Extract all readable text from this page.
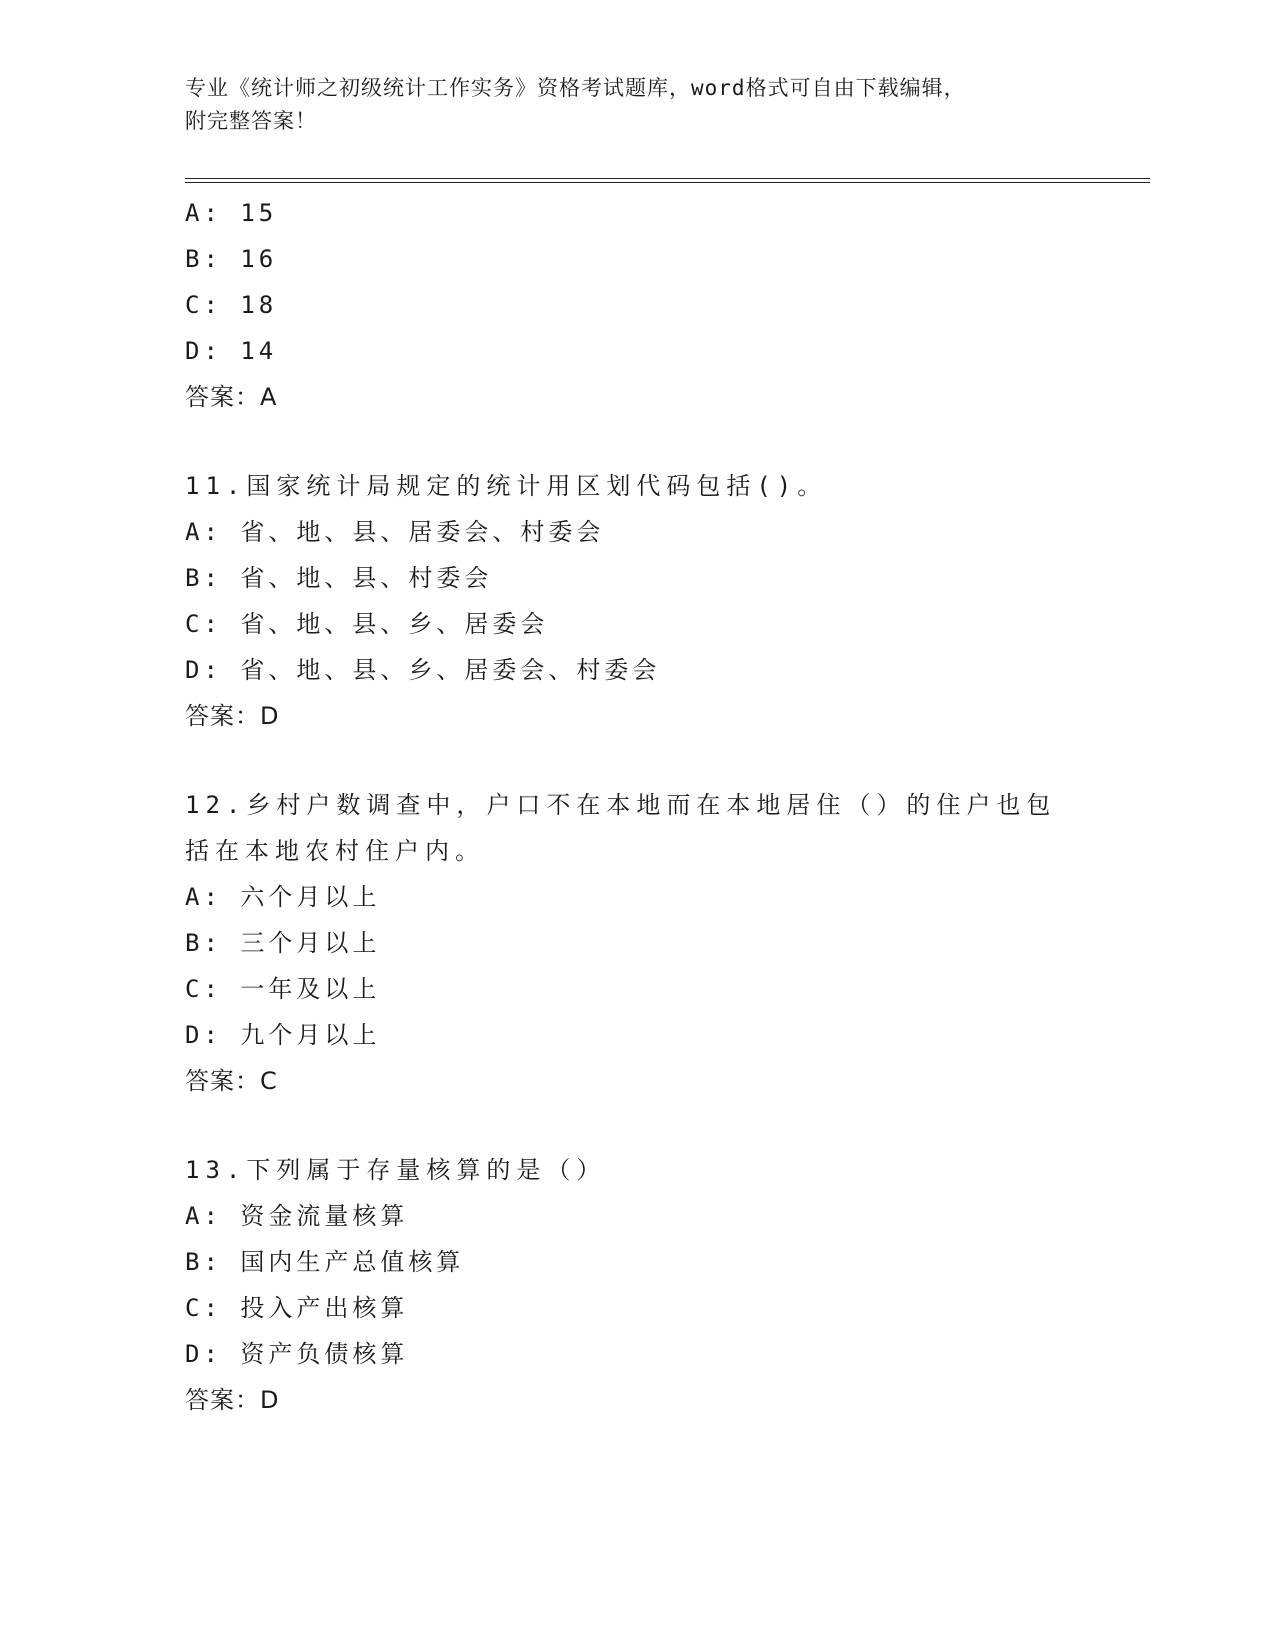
专业《统计师之初级统计工作实务》资格考试题库，word格式可自由下载编辑，
附完整答案！
A: 15
B: 16
C: 18
D: 14
答案：A
11.国家统计局规定的统计用区划代码包括()。
A: 省、地、县、居委会、村委会
B: 省、地、县、村委会
C: 省、地、县、乡、居委会
D: 省、地、县、乡、居委会、村委会
答案：D
12.乡村户数调查中，户口不在本地而在本地居住（）的住户也包括在本地农村住户内。
A: 六个月以上
B: 三个月以上
C: 一年及以上
D: 九个月以上
答案：C
13.下列属于存量核算的是（）
A: 资金流量核算
B: 国内生产总值核算
C: 投入产出核算
D: 资产负债核算
答案：D
